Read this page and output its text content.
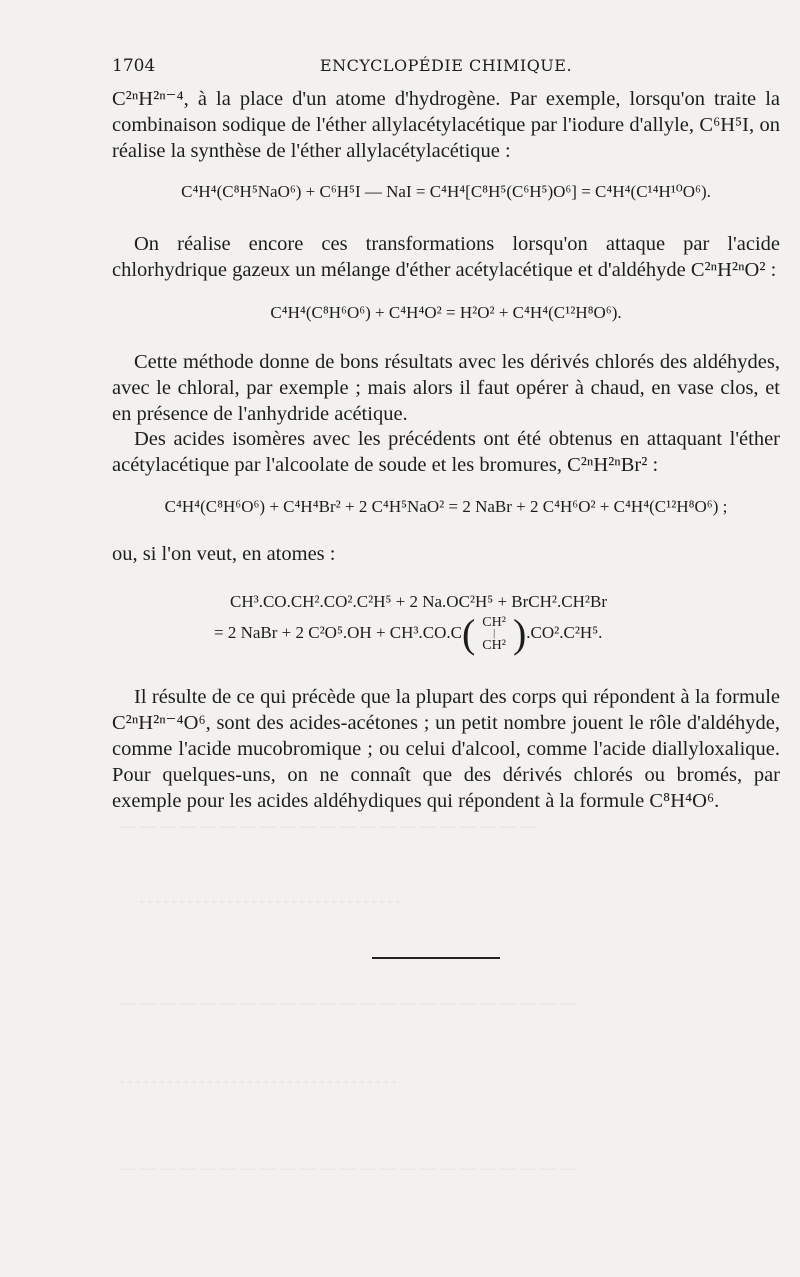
— — — — — — — — — — — — — — — — — — — — —
. . . . . . . . . . . . . . . . . . . . . . . . . . . . . . . . .
— — — — — — — — — — — — — — — — — — — — — — —
. . . . . . . . . . . . . . . . . . . . . . . . . . . . . . . . . . .
— — — — — — — — — — — — — — — — — — — — — — —
1704	ENCYCLOPÉDIE CHIMIQUE.

C²ⁿH²ⁿ⁻⁴, à la place d'un atome d'hydrogène. Par exemple, lorsqu'on traite la combinaison sodique de l'éther allylacétylacétique par l'iodure d'allyle, C⁶H⁵I, on réalise la synthèse de l'éther allylacétylacétique :

C⁴H⁴(C⁸H⁵NaO⁶) + C⁶H⁵I — NaI = C⁴H⁴[C⁸H⁵(C⁶H⁵)O⁶] = C⁴H⁴(C¹⁴H¹⁰O⁶).

On réalise encore ces transformations lorsqu'on attaque par l'acide chlorhydrique gazeux un mélange d'éther acétylacétique et d'aldéhyde C²ⁿH²ⁿO² :

C⁴H⁴(C⁸H⁶O⁶) + C⁴H⁴O² = H²O² + C⁴H⁴(C¹²H⁸O⁶).

Cette méthode donne de bons résultats avec les dérivés chlorés des aldéhydes, avec le chloral, par exemple ; mais alors il faut opérer à chaud, en vase clos, et en présence de l'anhydride acétique.

Des acides isomères avec les précédents ont été obtenus en attaquant l'éther acétylacétique par l'alcoolate de soude et les bromures, C²ⁿH²ⁿBr² :

C⁴H⁴(C⁸H⁶O⁶) + C⁴H⁴Br² + 2 C⁴H⁵NaO² = 2 NaBr + 2 C⁴H⁶O² + C⁴H⁴(C¹²H⁸O⁶) ;

ou, si l'on veut, en atomes :

CH³.CO.CH².CO².C²H⁵ + 2 Na.OC²H⁵ + BrCH².CH²Br

= 2 NaBr + 2 C²O⁵.OH + CH³.CO.C( CH²
|
CH² ).CO².C²H⁵.

Il résulte de ce qui précède que la plupart des corps qui répondent à la formule C²ⁿH²ⁿ⁻⁴O⁶, sont des acides-acétones ; un petit nombre jouent le rôle d'aldéhyde, comme l'acide mucobromique ; ou celui d'alcool, comme l'acide diallyloxalique. Pour quelques-uns, on ne connaît que des dérivés chlorés ou bromés, par exemple pour les acides aldéhydiques qui répondent à la formule C⁸H⁴O⁶.
